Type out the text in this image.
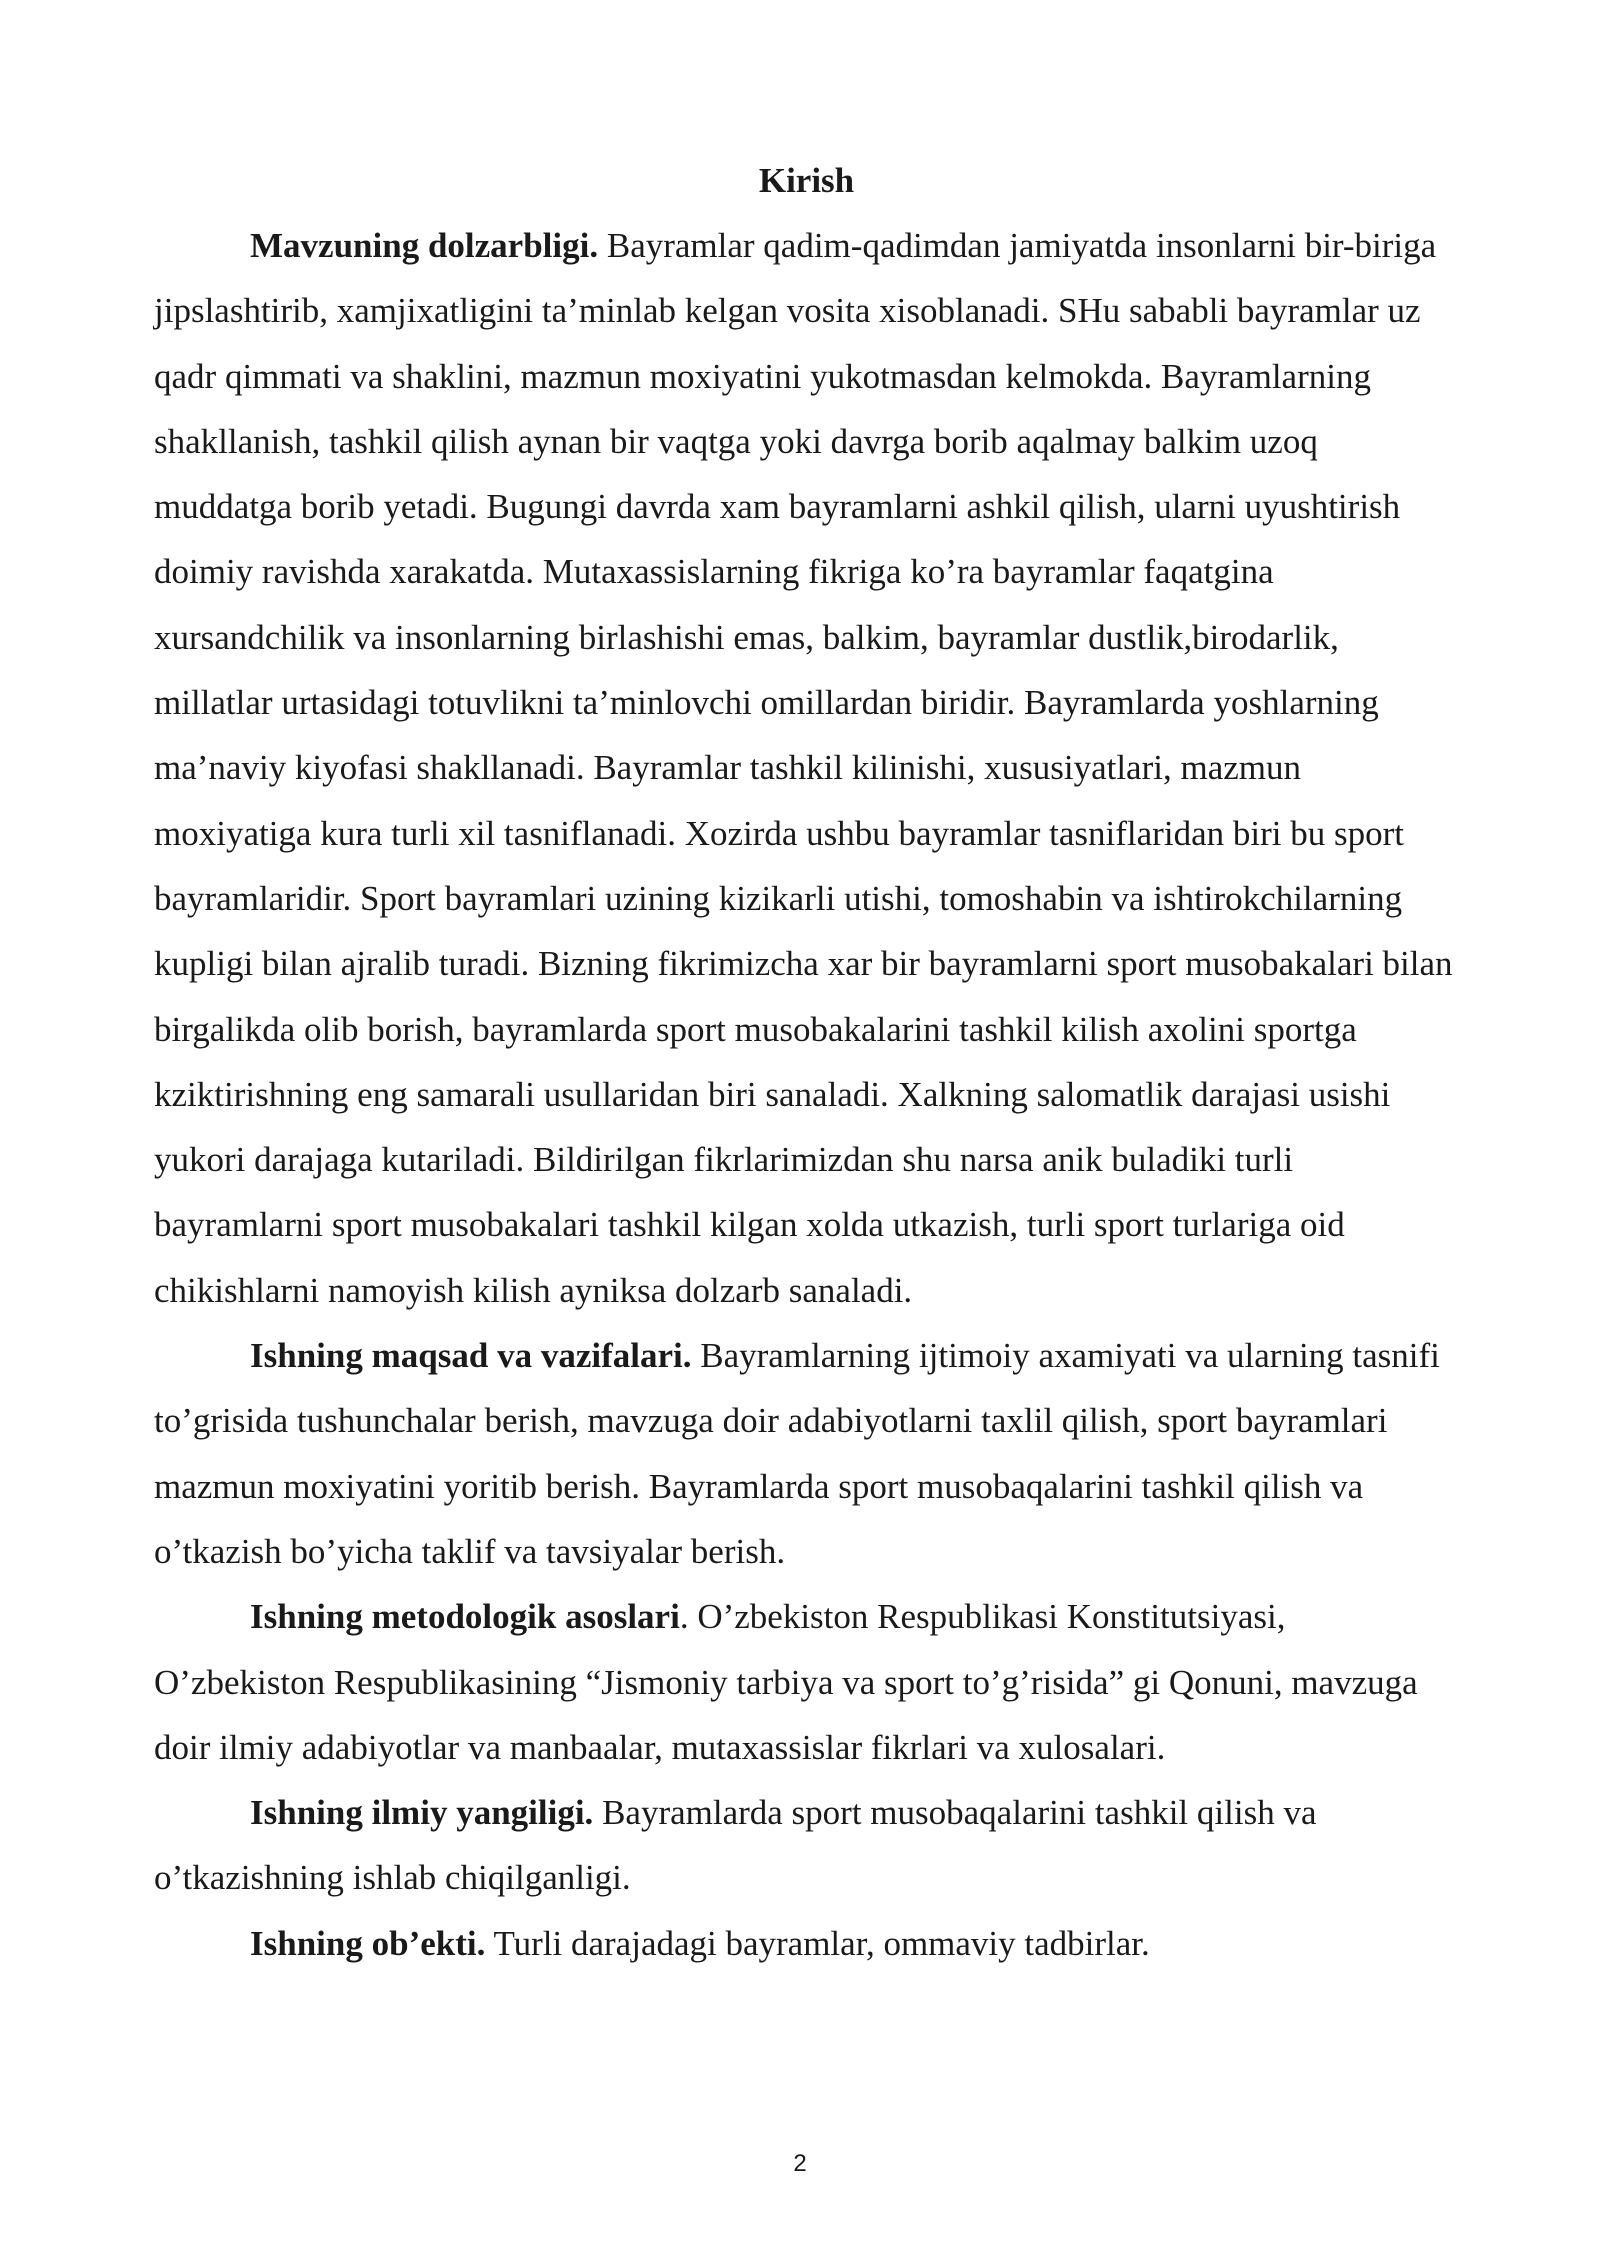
Kirish

Mavzuning dolzarbligi. Bayramlar qadim-qadimdan jamiyatda insonlarni bir-biriga jipslashtirib, xamjixatligini ta’minlab kelgan vosita xisoblanadi. SHu sababli bayramlar uz qadr qimmati va shaklini, mazmun moxiyatini yukotmasdan kelmokda. Bayramlarning shakllanish, tashkil qilish aynan bir vaqtga yoki davrga borib aqalmay balkim uzoq muddatga borib yetadi. Bugungi davrda xam bayramlarni ashkil qilish, ularni uyushtirish doimiy ravishda xarakatda. Mutaxassislarning fikriga ko’ra bayramlar faqatgina xursandchilik va insonlarning birlashishi emas, balkim, bayramlar dustlik,birodarlik, millatlar urtasidagi totuvlikni ta’minlovchi omillardan biridir. Bayramlarda yoshlarning ma’naviy kiyofasi shakllanadi. Bayramlar tashkil kilinishi, xususiyatlari, mazmun moxiyatiga kura turli xil tasniflanadi. Xozirda ushbu bayramlar tasniflaridan biri bu sport bayramlaridir. Sport bayramlari uzining kizikarli utishi, tomoshabin va ishtirokchilarning kupligi bilan ajralib turadi. Bizning fikrimizcha xar bir bayramlarni sport musobakalari bilan birgalikda olib borish, bayramlarda sport musobakalarini tashkil kilish axolini sportga kziktirishning eng samarali usullaridan biri sanaladi. Xalkning salomatlik darajasi usishi yukori darajaga kutariladi. Bildirilgan fikrlarimizdan shu narsa anik buladiki turli bayramlarni sport musobakalari tashkil kilgan xolda utkazish, turli sport turlariga oid chikishlarni namoyish kilish ayniksa dolzarb sanaladi.

Ishning maqsad va vazifalari. Bayramlarning ijtimoiy axamiyati va ularning tasnifi to’grisida tushunchalar berish, mavzuga doir adabiyotlarni taxlil qilish, sport bayramlari mazmun moxiyatini yoritib berish. Bayramlarda sport musobaqalarini tashkil qilish va o’tkazish bo’yicha taklif va tavsiyalar berish.

Ishning metodologik asoslari. O’zbekiston Respublikasi Konstitutsiyasi, O’zbekiston Respublikasining “Jismoniy tarbiya va sport to’g’risida” gi Qonuni, mavzuga doir ilmiy adabiyotlar va manbaalar, mutaxassislar fikrlari va xulosalari.

Ishning ilmiy yangiligi. Bayramlarda sport musobaqalarini tashkil qilish va o’tkazishning ishlab chiqilganligi.

Ishning ob’ekti. Turli darajadagi bayramlar, ommaviy tadbirlar.

2
